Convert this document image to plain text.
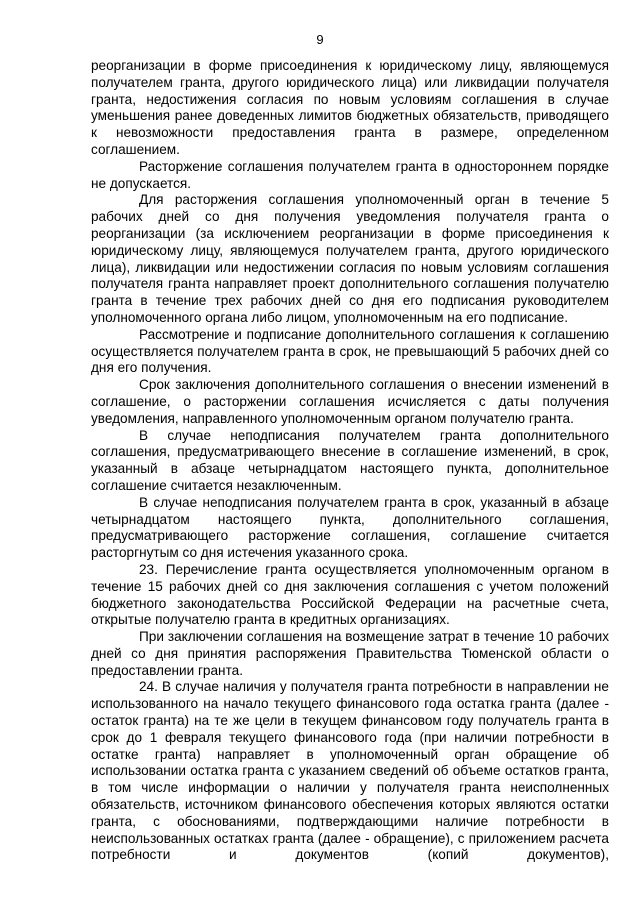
9

реорганизации в форме присоединения к юридическому лицу, являющемуся получателем гранта, другого юридического лица) или ликвидации получателя гранта, недостижения согласия по новым условиям соглашения в случае уменьшения ранее доведенных лимитов бюджетных обязательств, приводящего к невозможности предоставления гранта в размере, определенном соглашением.

Расторжение соглашения получателем гранта в одностороннем порядке не допускается.

Для расторжения соглашения уполномоченный орган в течение 5 рабочих дней со дня получения уведомления получателя гранта о реорганизации (за исключением реорганизации в форме присоединения к юридическому лицу, являющемуся получателем гранта, другого юридического лица), ликвидации или недостижении согласия по новым условиям соглашения получателя гранта направляет проект дополнительного соглашения получателю гранта в течение трех рабочих дней со дня его подписания руководителем уполномоченного органа либо лицом, уполномоченным на его подписание.

Рассмотрение и подписание дополнительного соглашения к соглашению осуществляется получателем гранта в срок, не превышающий 5 рабочих дней со дня его получения.

Срок заключения дополнительного соглашения о внесении изменений в соглашение, о расторжении соглашения исчисляется с даты получения уведомления, направленного уполномоченным органом получателю гранта.

В случае неподписания получателем гранта дополнительного соглашения, предусматривающего внесение в соглашение изменений, в срок, указанный в абзаце четырнадцатом настоящего пункта, дополнительное соглашение считается незаключенным.

В случае неподписания получателем гранта в срок, указанный в абзаце четырнадцатом настоящего пункта, дополнительного соглашения, предусматривающего расторжение соглашения, соглашение считается расторгнутым со дня истечения указанного срока.

23. Перечисление гранта осуществляется уполномоченным органом в течение 15 рабочих дней со дня заключения соглашения с учетом положений бюджетного законодательства Российской Федерации на расчетные счета, открытые получателю гранта в кредитных организациях.

При заключении соглашения на возмещение затрат в течение 10 рабочих дней со дня принятия распоряжения Правительства Тюменской области о предоставлении гранта.

24. В случае наличия у получателя гранта потребности в направлении не использованного на начало текущего финансового года остатка гранта (далее - остаток гранта) на те же цели в текущем финансовом году получатель гранта в срок до 1 февраля текущего финансового года (при наличии потребности в остатке гранта) направляет в уполномоченный орган обращение об использовании остатка гранта с указанием сведений об объеме остатков гранта, в том числе информации о наличии у получателя гранта неисполненных обязательств, источником финансового обеспечения которых являются остатки гранта, с обоснованиями, подтверждающими наличие потребности в неиспользованных остатках гранта (далее - обращение), с приложением расчета потребности и документов (копий документов),
